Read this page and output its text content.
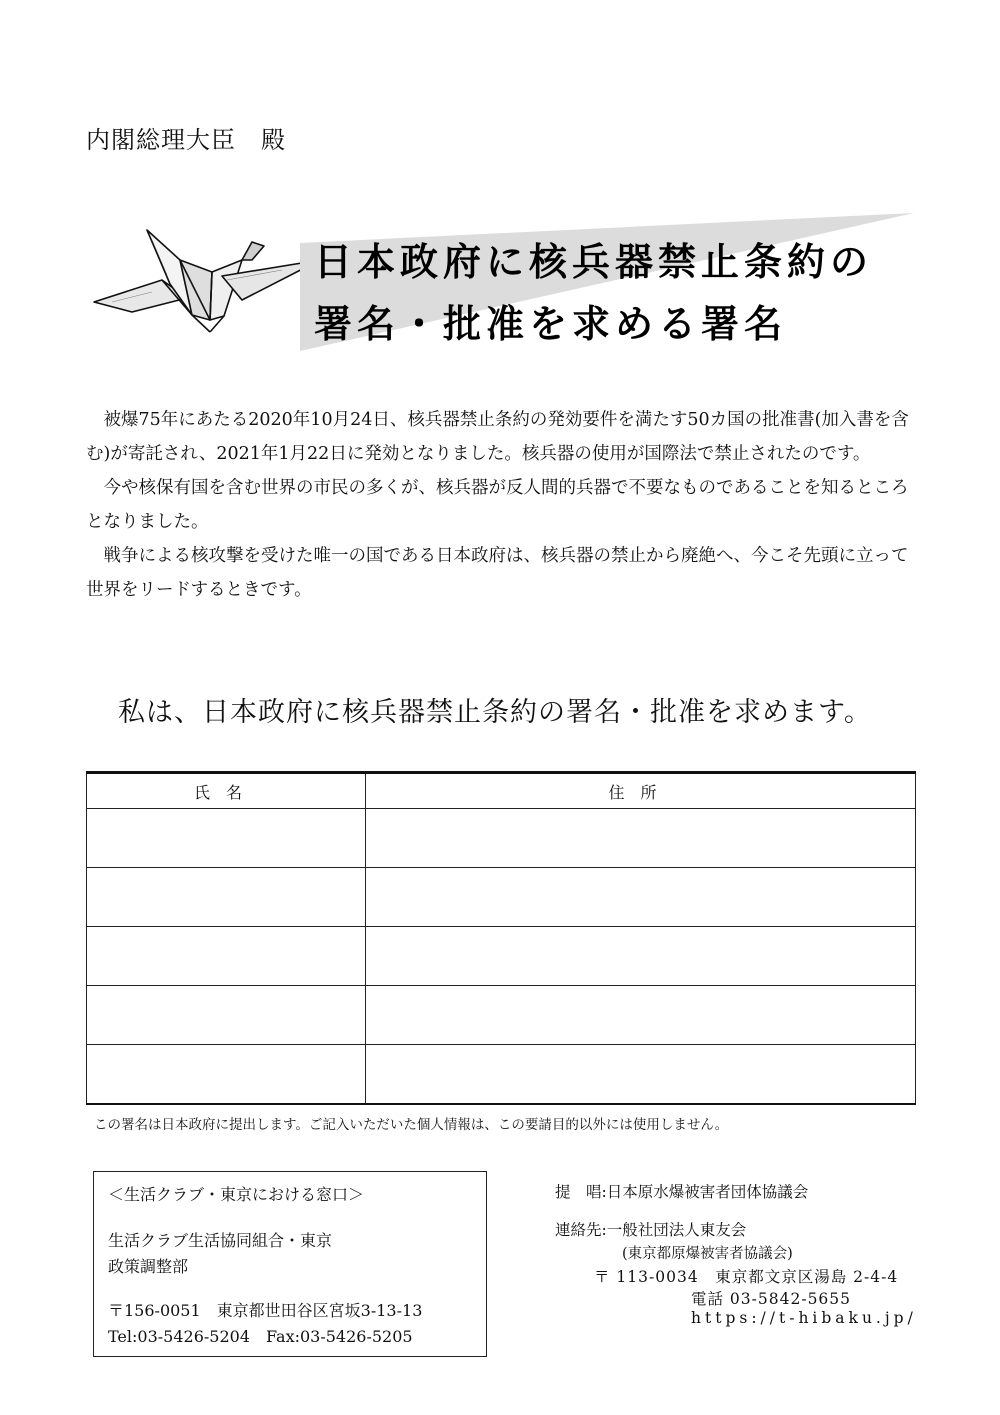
内閣総理大臣　殿
日本政府に核兵器禁止条約の
署名・批准を求める署名

被爆75年にあたる2020年10月24日、核兵器禁止条約の発効要件を満たす50カ国の批准書(加入書を含む)が寄託され、2021年1月22日に発効となりました。核兵器の使用が国際法で禁止されたのです。

今や核保有国を含む世界の市民の多くが、核兵器が反人間的兵器で不要なものであることを知るところとなりました。

戦争による核攻撃を受けた唯一の国である日本政府は、核兵器の禁止から廃絶へ、今こそ先頭に立って世界をリードするときです。

私は、日本政府に核兵器禁止条約の署名・批准を求めます。
氏名	住所

この署名は日本政府に提出します。ご記入いただいた個人情報は、この要請目的以外には使用しません。
＜生活クラブ・東京における窓口＞
生活クラブ生活協同組合・東京
政策調整部
〒156-0051　東京都世田谷区宮坂3-13-13
Tel:03-5426-5204　Fax:03-5426-5205
提　唱:日本原水爆被害者団体協議会
連絡先:一般社団法人東友会
(東京都原爆被害者協議会)
〒 113-0034　東京都文京区湯島 2-4-4
電話 03-5842-5655
https://t-hibaku.jp/
